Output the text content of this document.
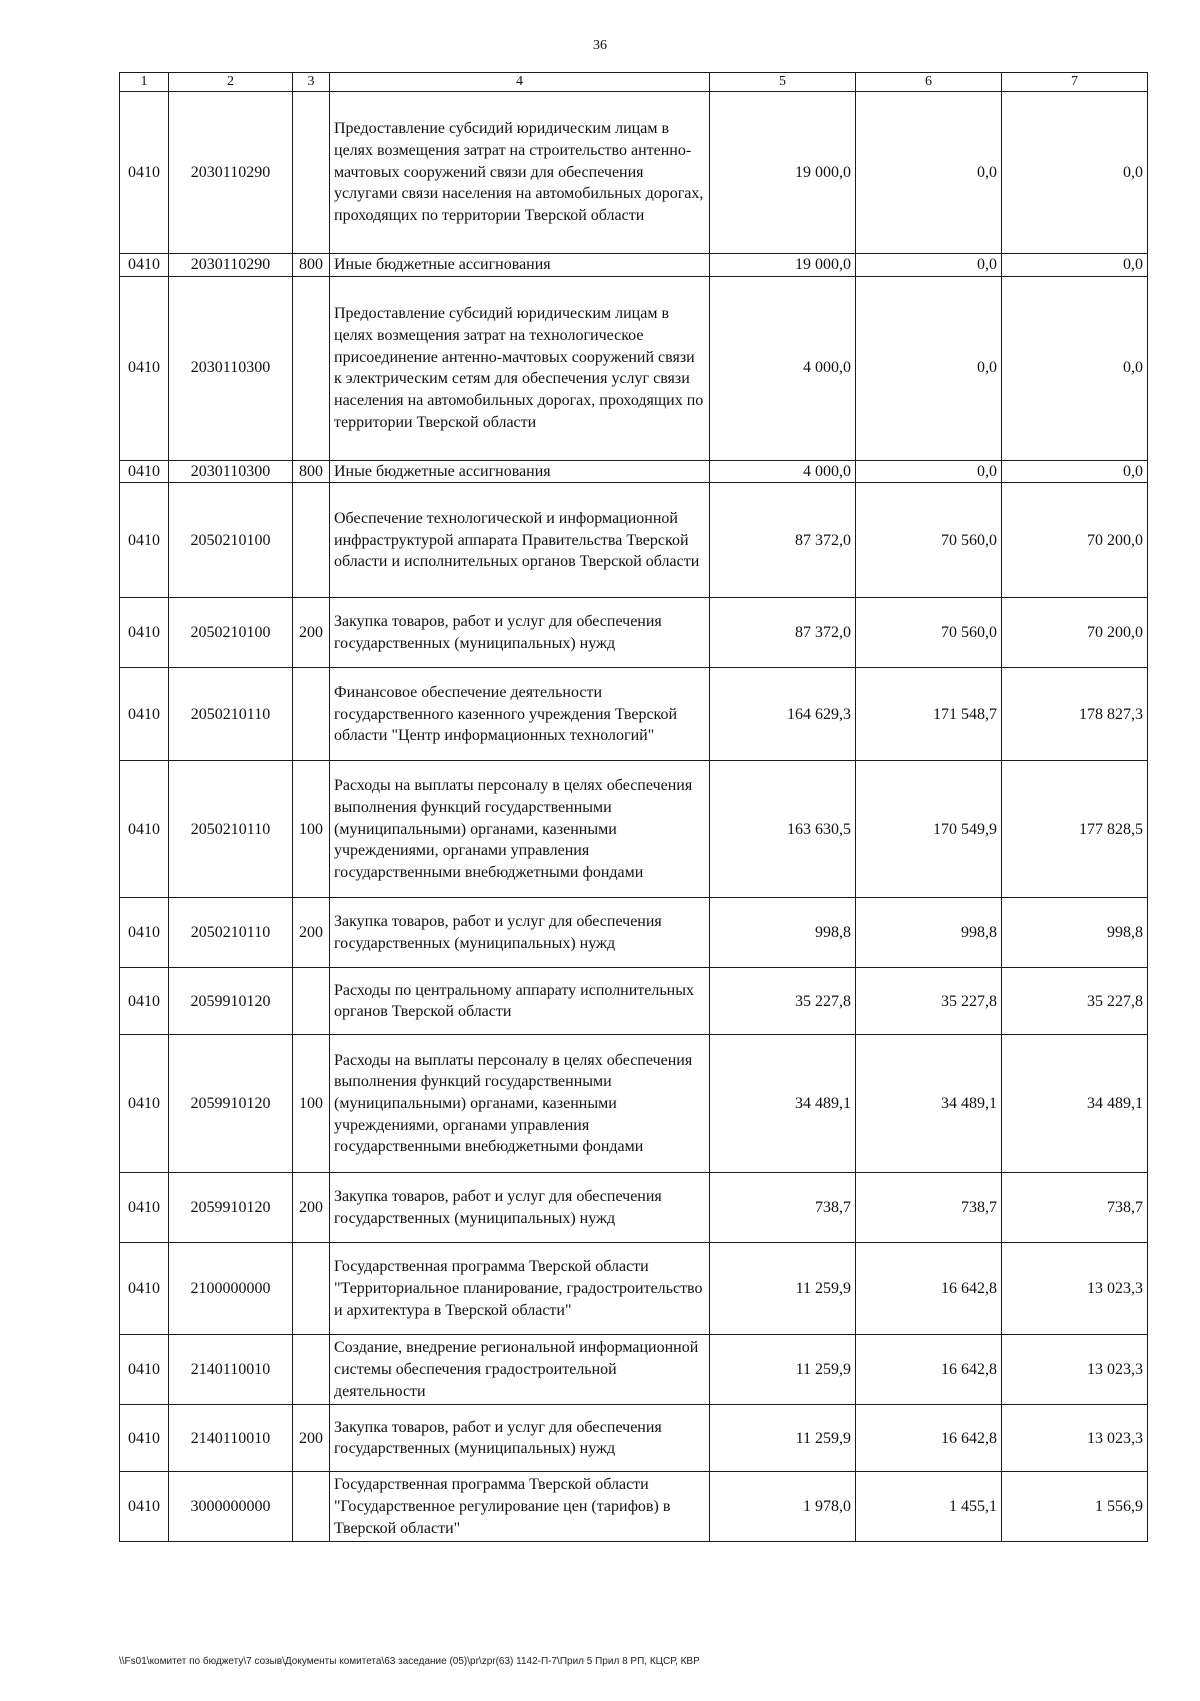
36
1	2	3	4	5	6	7
0410	2030110290		Предоставление субсидий юридическим лицам в целях возмещения затрат на строительство антенно-мачтовых сооружений связи для обеспечения услугами связи населения на автомобильных дорогах, проходящих по территории Тверской области	19 000,0	0,0	0,0
0410	2030110290	800	Иные бюджетные ассигнования	19 000,0	0,0	0,0
0410	2030110300		Предоставление субсидий юридическим лицам в целях возмещения затрат на технологическое присоединение антенно-мачтовых сооружений связи к электрическим сетям для обеспечения услуг связи населения на автомобильных дорогах, проходящих по территории Тверской области	4 000,0	0,0	0,0
0410	2030110300	800	Иные бюджетные ассигнования	4 000,0	0,0	0,0
0410	2050210100		Обеспечение технологической и информационной инфраструктурой аппарата Правительства Тверской области и исполнительных органов Тверской области	87 372,0	70 560,0	70 200,0
0410	2050210100	200	Закупка товаров, работ и услуг для обеспечения государственных (муниципальных) нужд	87 372,0	70 560,0	70 200,0
0410	2050210110		Финансовое обеспечение деятельности государственного казенного учреждения Тверской области "Центр информационных технологий"	164 629,3	171 548,7	178 827,3
0410	2050210110	100	Расходы на выплаты персоналу в целях обеспечения выполнения функций государственными (муниципальными) органами, казенными учреждениями, органами управления государственными внебюджетными фондами	163 630,5	170 549,9	177 828,5
0410	2050210110	200	Закупка товаров, работ и услуг для обеспечения государственных (муниципальных) нужд	998,8	998,8	998,8
0410	2059910120		Расходы по центральному аппарату исполнительных органов Тверской области	35 227,8	35 227,8	35 227,8
0410	2059910120	100	Расходы на выплаты персоналу в целях обеспечения выполнения функций государственными (муниципальными) органами, казенными учреждениями, органами управления государственными внебюджетными фондами	34 489,1	34 489,1	34 489,1
0410	2059910120	200	Закупка товаров, работ и услуг для обеспечения государственных (муниципальных) нужд	738,7	738,7	738,7
0410	2100000000		Государственная программа Тверской области "Территориальное планирование, градостроительство и архитектура в Тверской области"	11 259,9	16 642,8	13 023,3
0410	2140110010		Создание, внедрение региональной информационной системы обеспечения градостроительной деятельности	11 259,9	16 642,8	13 023,3
0410	2140110010	200	Закупка товаров, работ и услуг для обеспечения государственных (муниципальных) нужд	11 259,9	16 642,8	13 023,3
0410	3000000000		Государственная программа Тверской области "Государственное регулирование цен (тарифов) в Тверской области"	1 978,0	1 455,1	1 556,9
\\Fs01\комитет по бюджету\7 созыв\Документы комитета\63 заседание (05)\pr\zpr(63) 1142-П-7\Прил 5 Прил 8 РП, КЦСР, КВР
